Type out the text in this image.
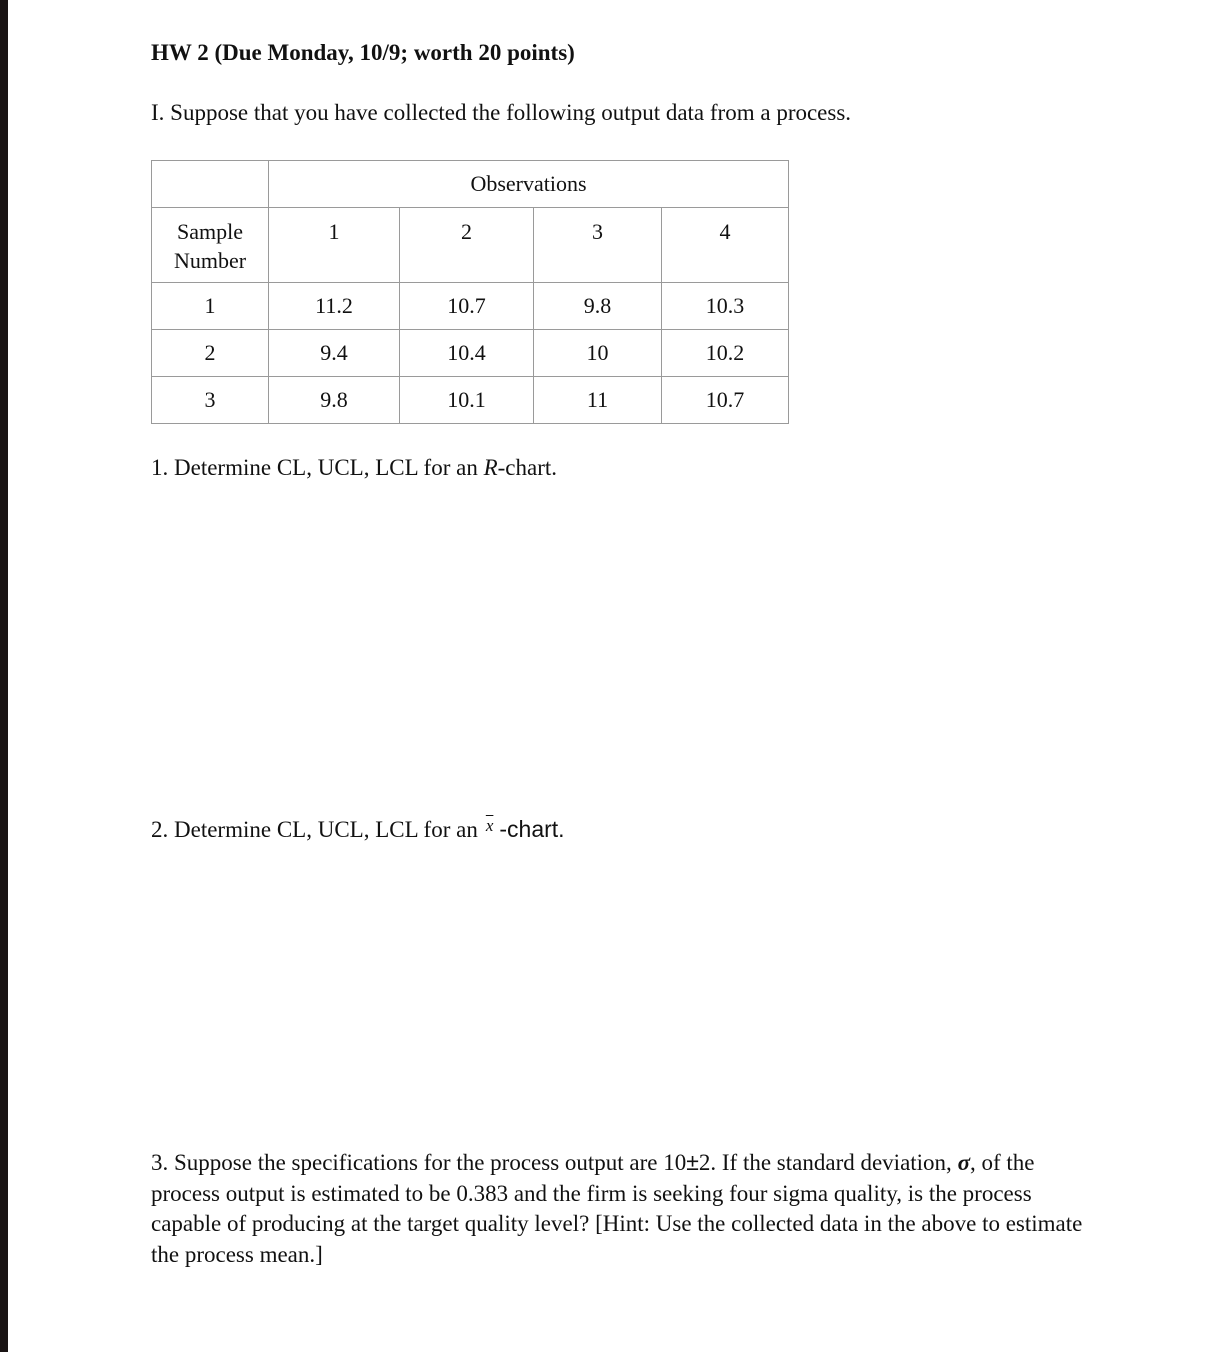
HW 2 (Due Monday, 10/9; worth 20 points)
I. Suppose that you have collected the following output data from a process.
	Observations			
Sample
Number	1	2	3	4
1	11.2	10.7	9.8	10.3
2	9.4	10.4	10	10.2
3	9.8	10.1	11	10.7
1. Determine CL, UCL, LCL for an R-chart.
2. Determine CL, UCL, LCL for an $\overline{x}$ -chart.
3. Suppose the specifications for the process output are 10±2. If the standard deviation, σ, of the process output is estimated to be 0.383 and the firm is seeking four sigma quality, is the process capable of producing at the target quality level? [Hint: Use the collected data in the above to estimate the process mean.]
